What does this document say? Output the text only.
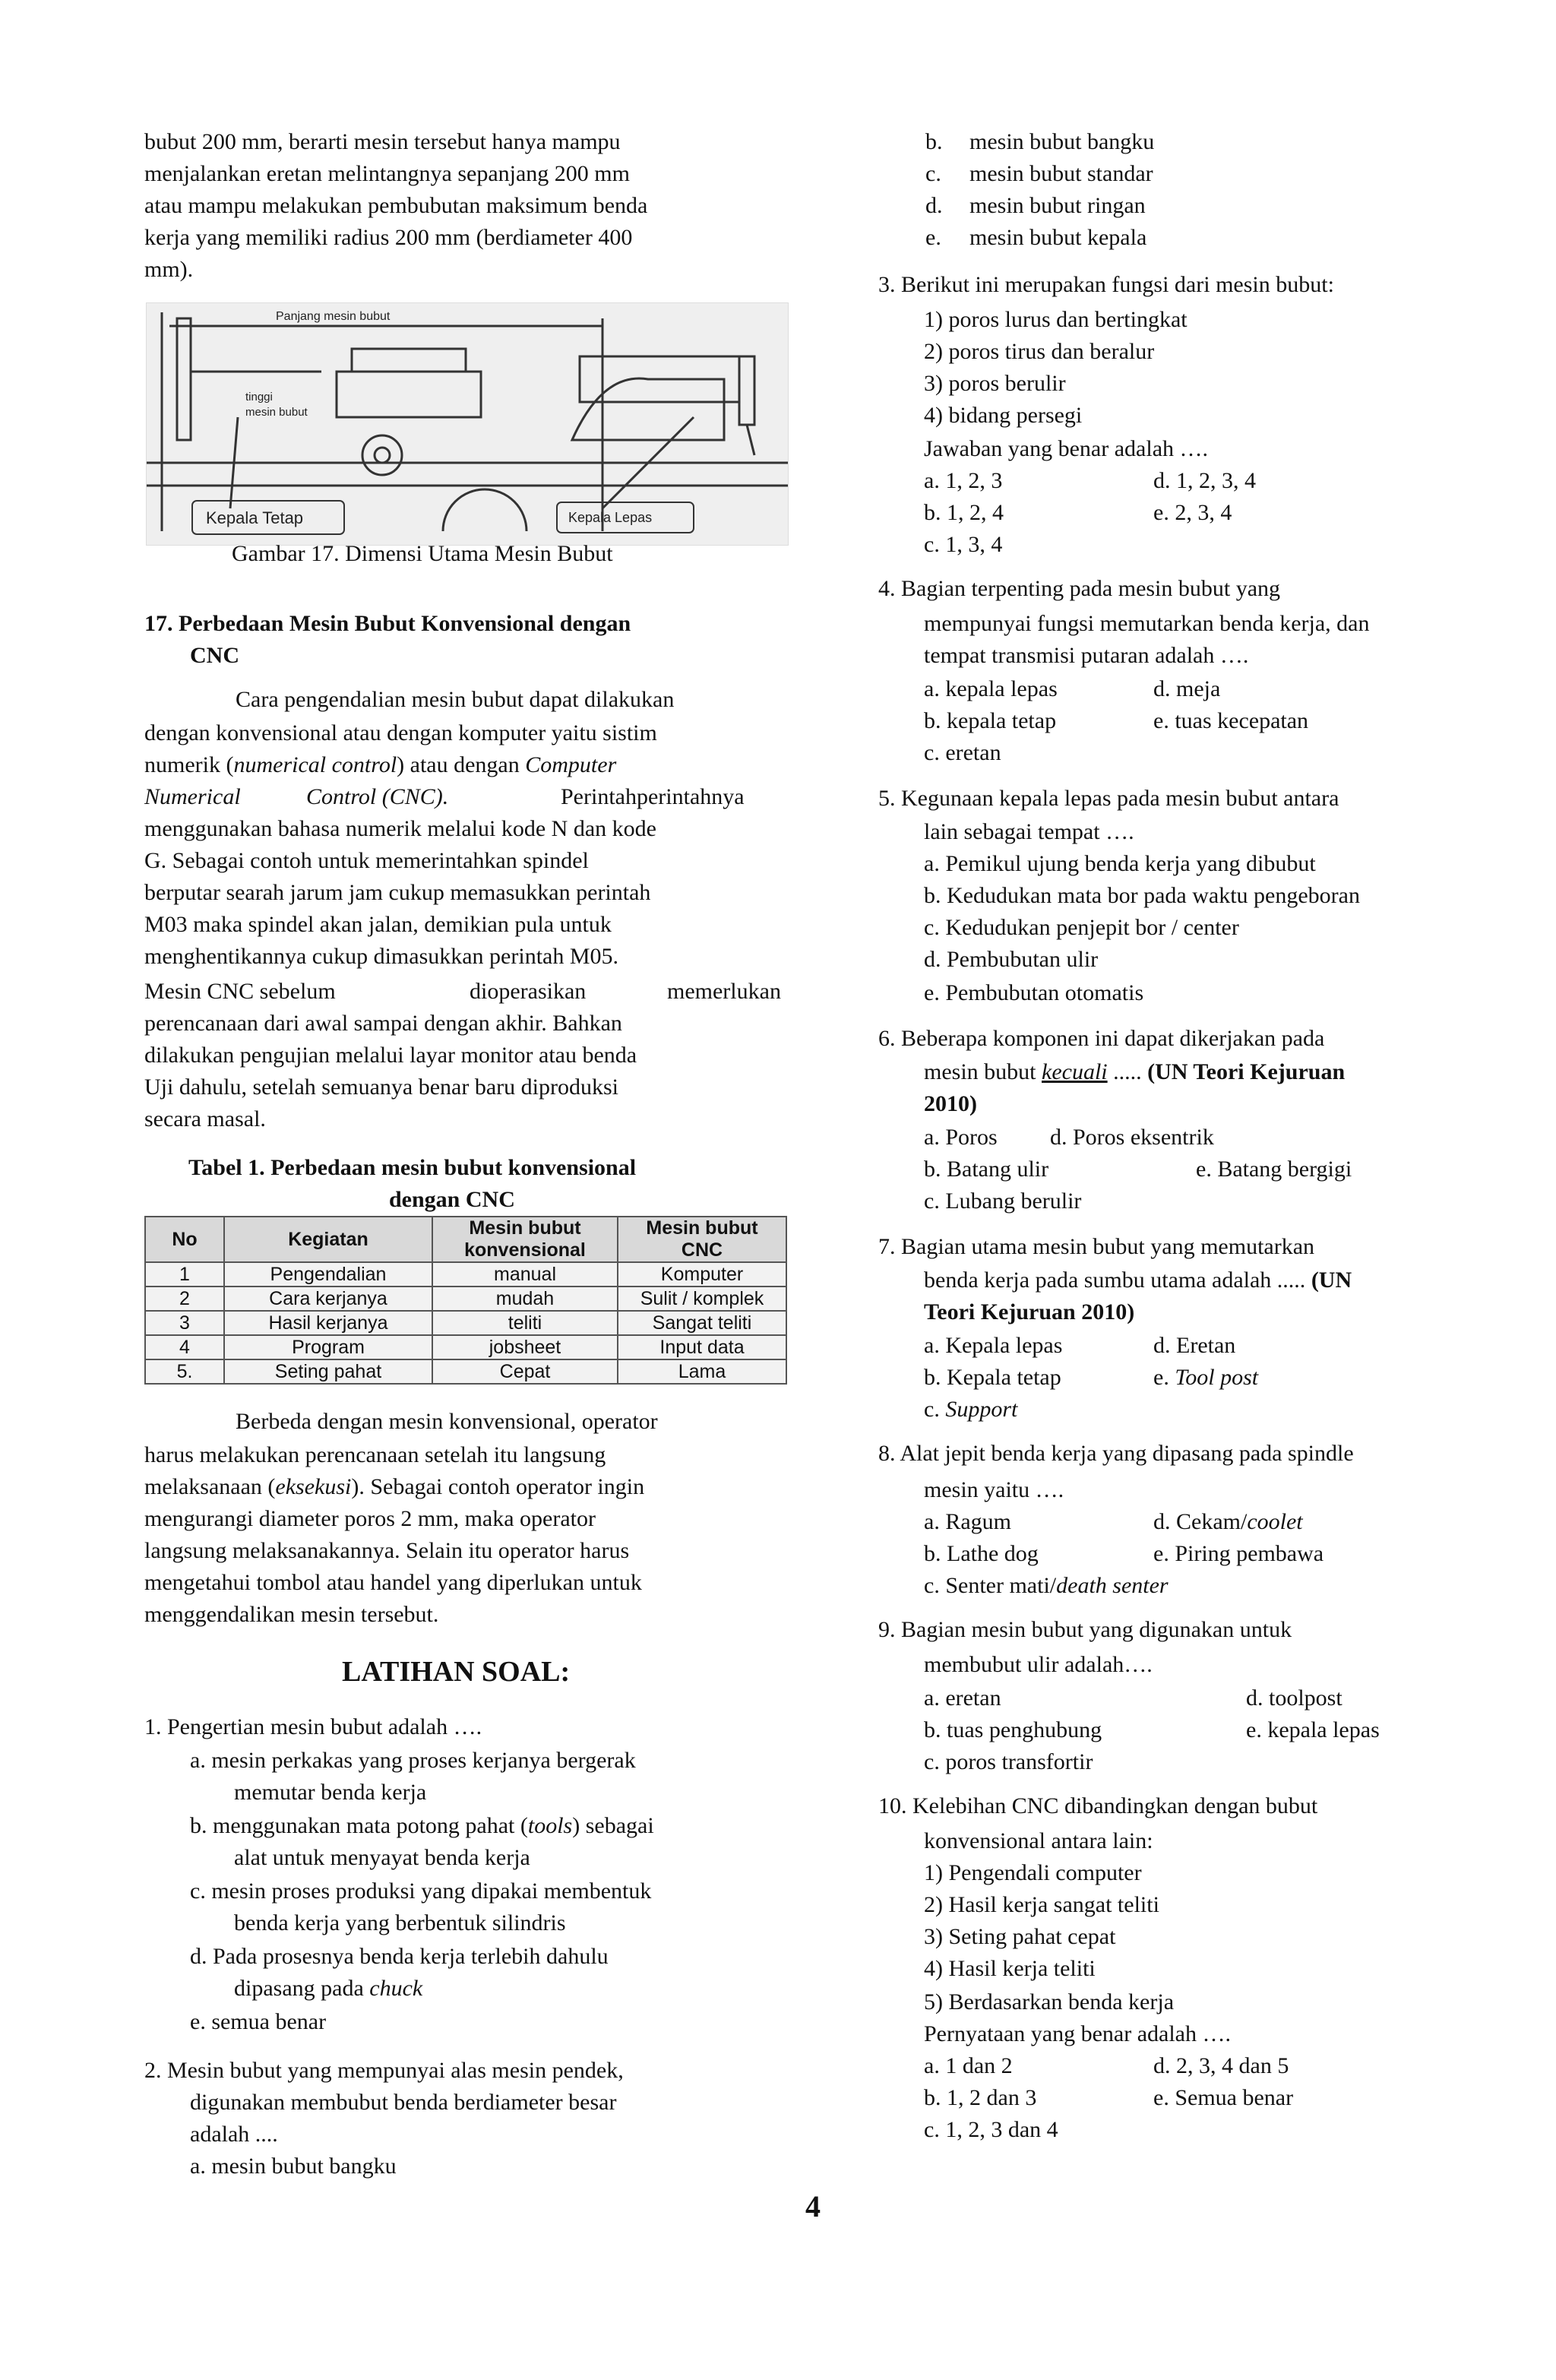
bubut 200 mm, berarti mesin tersebut hanya mampu
menjalankan eretan melintangnya sepanjang 200 mm
atau mampu melakukan pembubutan maksimum benda
kerja yang memiliki radius 200 mm (berdiameter 400
mm).
Panjang mesin bubut
tinggi
mesin bubut
Kepala Tetap	Kepala Lepas
Gambar 17. Dimensi Utama Mesin Bubut
17. Perbedaan Mesin Bubut Konvensional dengan
CNC
Cara pengendalian mesin bubut dapat dilakukan
dengan konvensional atau dengan komputer yaitu sistim
numerik (numerical control) atau dengan Computer
Numerical	Control (CNC).	Perintahperintahnya
menggunakan bahasa numerik melalui kode N dan kode
G. Sebagai contoh untuk memerintahkan spindel
berputar searah jarum jam cukup memasukkan perintah
M03 maka spindel akan jalan, demikian pula untuk
menghentikannya cukup dimasukkan perintah M05.
Mesin CNC sebelum	dioperasikan	memerlukan
perencanaan dari awal sampai dengan akhir. Bahkan
dilakukan pengujian melalui layar monitor atau benda
Uji dahulu, setelah semuanya benar baru diproduksi
secara masal.
Tabel 1. Perbedaan mesin bubut konvensional
dengan CNC
No	Kegiatan	Mesin bubut konvensional	Mesin bubut CNC
1	Pengendalian	manual	Komputer
2	Cara kerjanya	mudah	Sulit / komplek
3	Hasil kerjanya	teliti	Sangat teliti
4	Program	jobsheet	Input data
5.	Seting pahat	Cepat	Lama
Berbeda dengan mesin konvensional, operator
harus melakukan perencanaan setelah itu langsung
melaksanaan (eksekusi). Sebagai contoh operator ingin
mengurangi diameter poros 2 mm, maka operator
langsung melaksanakannya. Selain itu operator harus
mengetahui tombol atau handel yang diperlukan untuk
menggendalikan mesin tersebut.
LATIHAN SOAL:
1. Pengertian mesin bubut adalah ….
a. mesin perkakas yang proses kerjanya bergerak
memutar benda kerja
b. menggunakan mata potong pahat (tools) sebagai
alat untuk menyayat benda kerja
c. mesin proses produksi yang dipakai membentuk
benda kerja yang berbentuk silindris
d. Pada prosesnya benda kerja terlebih dahulu
dipasang pada chuck
e. semua benar
2. Mesin bubut yang mempunyai alas mesin pendek,
digunakan membubut benda berdiameter besar
adalah ....
a. mesin bubut bangku
b. mesin bubut bangku
c. mesin bubut standar
d. mesin bubut ringan
e. mesin bubut kepala
3. Berikut ini merupakan fungsi dari mesin bubut:
1) poros lurus dan bertingkat
2) poros tirus dan beralur
3) poros berulir
4) bidang persegi
Jawaban yang benar adalah ….
a. 1, 2, 3	d. 1, 2, 3, 4
b. 1, 2, 4	e. 2, 3, 4
c. 1, 3, 4
4. Bagian terpenting pada mesin bubut yang
mempunyai fungsi memutarkan benda kerja, dan
tempat transmisi putaran adalah ….
a. kepala lepas	d. meja
b. kepala tetap	e. tuas kecepatan
c. eretan
5. Kegunaan kepala lepas pada mesin bubut antara
lain sebagai tempat ….
a. Pemikul ujung benda kerja yang dibubut
b. Kedudukan mata bor pada waktu pengeboran
c. Kedudukan penjepit bor / center
d. Pembubutan ulir
e. Pembubutan otomatis
6. Beberapa komponen ini dapat dikerjakan pada
mesin bubut kecuali ..... (UN Teori Kejuruan
2010)
a. Poros d. Poros eksentrik
b. Batang ulir	e. Batang bergigi
c. Lubang berulir
7. Bagian utama mesin bubut yang memutarkan
benda kerja pada sumbu utama adalah ..... (UN
Teori Kejuruan 2010)
a. Kepala lepas	d. Eretan
b. Kepala tetap	e. Tool post
c. Support
8. Alat jepit benda kerja yang dipasang pada spindle
mesin yaitu ….
a. Ragum	d. Cekam/coolet
b. Lathe dog	e. Piring pembawa
c. Senter mati/death senter
9. Bagian mesin bubut yang digunakan untuk
membubut ulir adalah….
a. eretan	d. toolpost
b. tuas penghubung	e. kepala lepas
c. poros transfortir
10. Kelebihan CNC dibandingkan dengan bubut
konvensional antara lain:
1) Pengendali computer
2) Hasil kerja sangat teliti
3) Seting pahat cepat
4) Hasil kerja teliti
5) Berdasarkan benda kerja
Pernyataan yang benar adalah ….
a. 1 dan 2	d. 2, 3, 4 dan 5
b. 1, 2 dan 3	e. Semua benar
c. 1, 2, 3 dan 4
4
